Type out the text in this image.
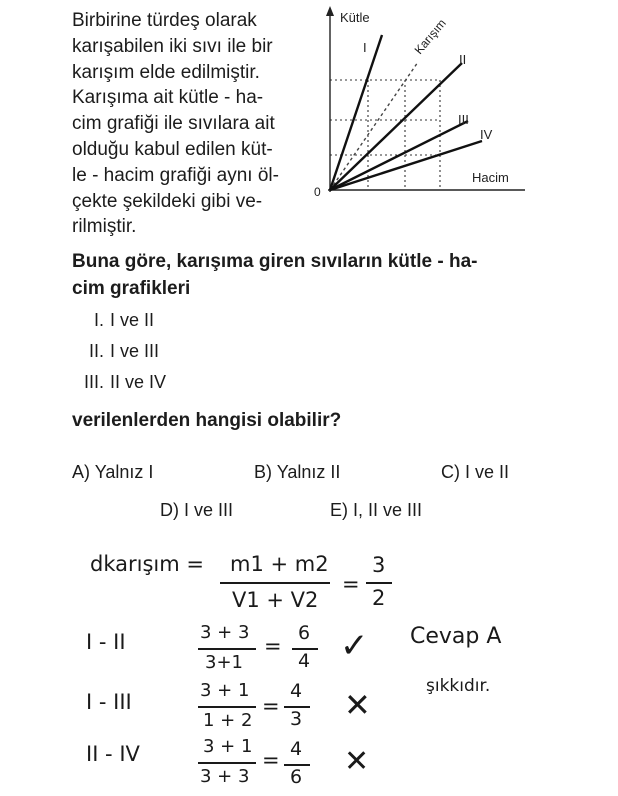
Birbirine türdeş olarak
karışabilen iki sıvı ile bir
karışım elde edilmiştir.
Karışıma ait kütle - ha-
cim grafiği ile sıvılara ait
olduğu kabul edilen küt-
le - hacim grafiği aynı öl-
çekte şekildeki gibi ve-
rilmiştir.
Kütle
Hacim
0
I	Karışım
II
III
IV
Buna göre, karışıma giren sıvıların kütle - ha-
cim grafikleri
I. I ve II
II. I ve III
III. II ve IV
verilenlerden hangisi olabilir?
A) Yalnız I	B) Yalnız II	C) I ve II
D) I ve III	E) I, II ve III
dkarışım = m1 + m2
V1 + V2
=
3
2
I - II	3 + 3
3+1
=
6
4 ✓ Cevap A
şıkkıdır.
I - III	3 + 1
1 + 2
=
4
3 ✕
II - IV	3 + 1
3 + 3
= 4
6 ✕
